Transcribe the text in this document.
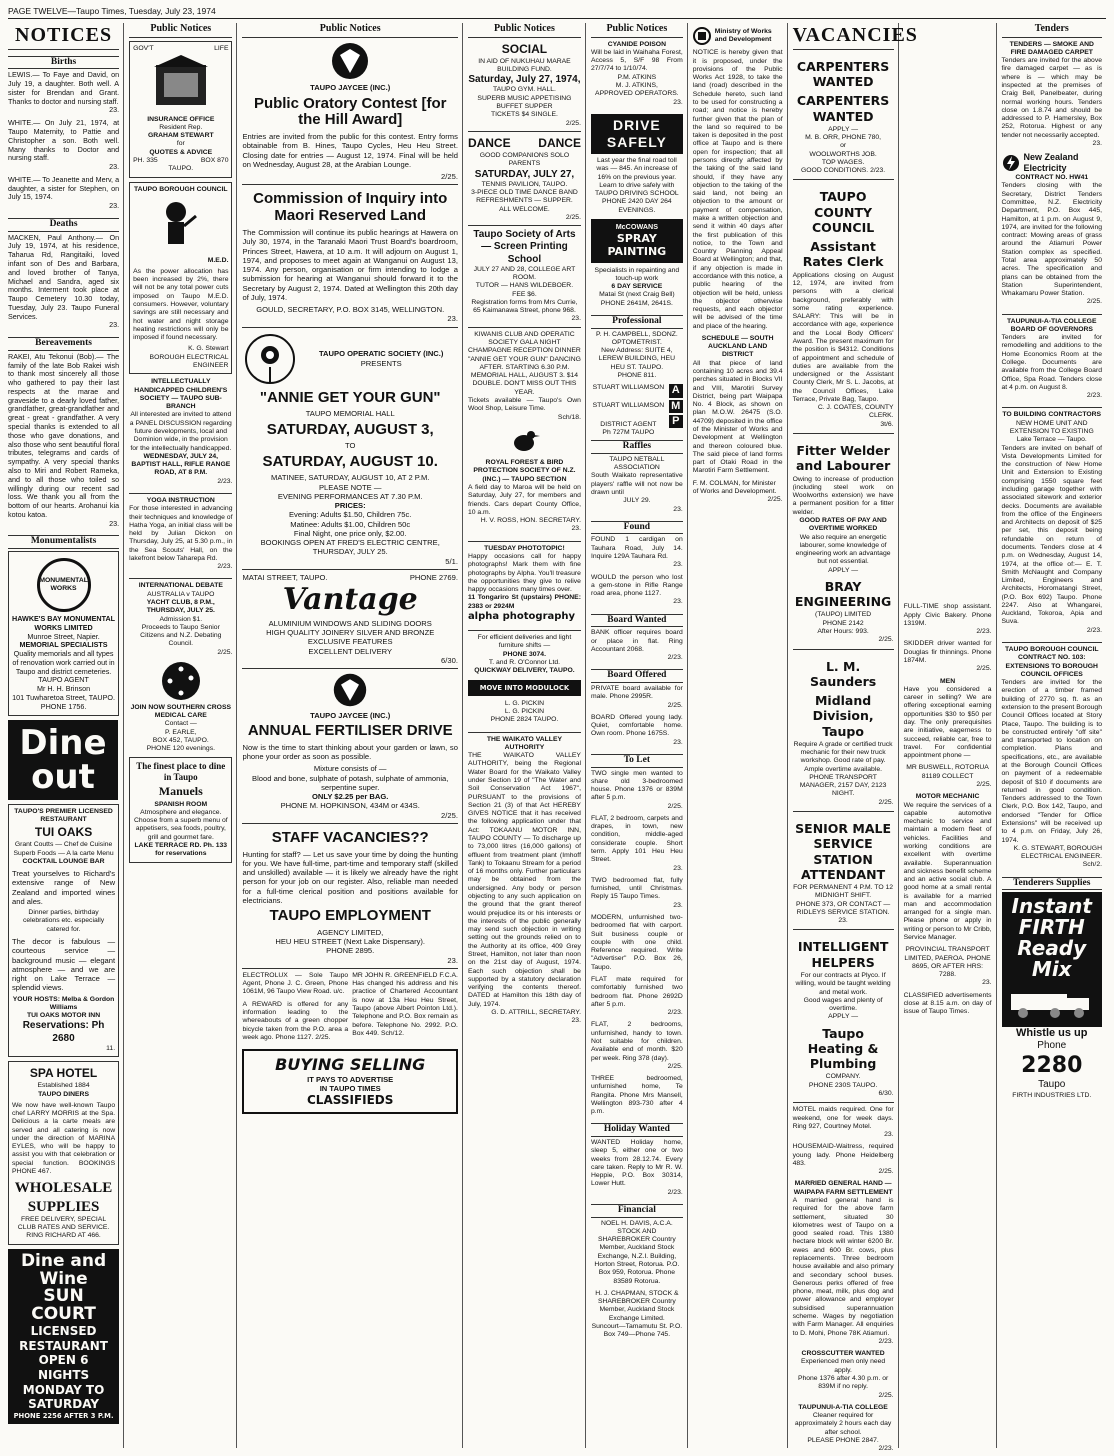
PAGE TWELVE—Taupo Times, Tuesday, July 23, 1974
NOTICES
Births
LEWIS.— To Faye and David, on July 19, a daughter. Both well. A sister for Brendan and Grant. Thanks to doctor and nursing staff.
23.
WHITE.— On July 21, 1974, at Taupo Maternity, to Pattie and Christopher a son. Both well. Many thanks to Doctor and nursing staff.
23.
WHITE.— To Jeanette and Merv, a daughter, a sister for Stephen, on July 15, 1974.
23.
Deaths
MACKEN, Paul Anthony.— On July 19, 1974, at his residence, Taharua Rd, Rangitaiki, loved infant son of Des and Barbara, and loved brother of Tanya, Michael and Sandra, aged six months. Interment took place at Taupo Cemetery 10.30 today, Tuesday, July 23. Taupo Funeral Services.
23.
Bereavements
RAKEI, Atu Tekonui (Bob).— The family of the late Bob Rakei wish to thank most sincerely all those who gathered to pay their last respects at the marae and graveside to a dearly loved father, grandfather, great-grandfather and great - great - grandfather. A very special thanks is extended to all those who gave donations, and also those who sent beautiful floral tributes, telegrams and cards of sympathy. A very special thanks also to Miri and Robert Rameka, and to all those who toiled so willingly during our recent sad loss. We thank you all from the bottom of our hearts. Arohanui kia kotou katoa.
23.
Monumentalists
MONUMENTAL WORKS
HAWKE'S BAY MONUMENTAL WORKS LIMITED
Munroe Street, Napier.
MEMORIAL SPECIALISTS
Quality memorials and all types of renovation work carried out in Taupo and district cemeteries.
TAUPO AGENT
Mr H. H. Brinson
101 Tuwharetoa Street, TAUPO. PHONE 1756.
Dine
out
TAUPO'S PREMIER LICENSED RESTAURANT
TUI OAKS
Grant Coutts — Chef de Cuisine
Superb Foods — A la carte Menu
COCKTAIL LOUNGE BAR
Treat yourselves to Richard's extensive range of New Zealand and imported wines and ales.
Dinner parties, birthday celebrations etc. especially catered for.
The decor is fabulous — courteous service — background music — elegant atmosphere — and we are right on Lake Terrace — splendid views.
YOUR HOSTS: Melba & Gordon Williams
TUI OAKS MOTOR INN
Reservations: Ph 2680
11.
SPA HOTEL
Established 1884
TAUPO DINERS
We now have well-known Taupo chef LARRY MORRIS at the Spa. Delicious a la carte meals are served and all catering is now under the direction of MARINA EYLES, who will be happy to assist you with that celebration or special function. BOOKINGS PHONE 467.
WHOLESALE SUPPLIES
FREE DELIVERY, SPECIAL CLUB RATES AND SERVICE. RING RICHARD AT 466.
Dine and Wine
SUN COURT
LICENSED RESTAURANT
OPEN 6 NIGHTS
MONDAY TO SATURDAY
PHONE 2256 AFTER 3 P.M.
Public Notices
GOV'T	LIFE
INSURANCE OFFICE
Resident Rep.
GRAHAM STEWART
for
QUOTES & ADVICE
PH. 335	BOX 870
TAUPO.
TAUPO BOROUGH COUNCIL
M.E.D.
As the power allocation has been increased by 2%, there will not be any total power cuts imposed on Taupo M.E.D. consumers. However, voluntary savings are still necessary and hot water and night storage heating restrictions will only be imposed if found necessary.
K. G. Stewart
BOROUGH ELECTRICAL ENGINEER
INTELLECTUALLY HANDICAPPED CHILDREN'S SOCIETY — TAUPO SUB-BRANCH
All interested are invited to attend a PANEL DISCUSSION regarding future developments, local and Dominion wide, in the provision for the intellectually handicapped.
WEDNESDAY, JULY 24, BAPTIST HALL, RIFLE RANGE ROAD, AT 8 P.M.
2/23.
YOGA INSTRUCTION
For those interested in advancing their techniques and knowledge of Hatha Yoga, an initial class will be held by Julian Dickon on Thursday, July 25, at 5.30 p.m., in the Sea Scouts' Hall, on the lakefront below Taharepa Rd.
2/23.
INTERNATIONAL DEBATE
AUSTRALIA v TAUPO
YACHT CLUB, 8 P.M., THURSDAY, JULY 25.
Admission $1.
Proceeds to Taupo Senior Citizens and N.Z. Debating Council.
2/25.
JOIN NOW SOUTHERN CROSS MEDICAL CARE
Contact —
P. EARLE,
BOX 452, TAUPO.
PHONE 120 evenings.
The finest place to dine in Taupo
Manuels
SPANISH ROOM
Atmosphere and elegance. Choose from a superb menu of appetisers, sea foods, poultry, grill and gourmet fare.
LAKE TERRACE RD. Ph. 133 for reservations
Public Notices
TAUPO JAYCEE (INC.)
Public Oratory Contest [for the Hill Award]
Entries are invited from the public for this contest. Entry forms obtainable from B. Hines, Taupo Cycles, Heu Heu Street. Closing date for entries — August 12, 1974. Final will be held on Wednesday, August 28, at the Arabian Lounge.
2/25.
Commission of Inquiry into Maori Reserved Land
The Commission will continue its public hearings at Hawera on July 30, 1974, in the Taranaki Maori Trust Board's boardroom, Princes Street, Hawera, at 10 a.m. It will adjourn on August 1, 1974, and proposes to meet again at Wanganui on August 13, 1974. Any person, organisation or firm intending to lodge a submission for hearing at Wanganui should forward it to the Secretary by August 2, 1974. Dated at Wellington this 20th day of July, 1974.
GOULD, SECRETARY, P.O. BOX 3145, WELLINGTON.
23.
TAUPO OPERATIC SOCIETY (INC.)
PRESENTS
"ANNIE GET YOUR GUN"
TAUPO MEMORIAL HALL
SATURDAY, AUGUST 3,
TO
SATURDAY, AUGUST 10.
MATINEE, SATURDAY, AUGUST 10, AT 2 P.M.
PLEASE NOTE —
EVENING PERFORMANCES AT 7.30 P.M.
PRICES:
Evening: Adults $1.50, Children 75c.
Matinee: Adults $1.00, Children 50c
Final Night, one price only, $2.00.
BOOKINGS OPEN AT FRED'S ELECTRIC CENTRE, THURSDAY, JULY 25.
5/1.
MATAI STREET, TAUPO.	PHONE 2769.
Vantage
ALUMINIUM WINDOWS AND SLIDING DOORS
HIGH QUALITY JOINERY SILVER AND BRONZE
EXCLUSIVE FEATURES
EXCELLENT DELIVERY
6/30.
TAUPO JAYCEE (INC.)
ANNUAL FERTILISER DRIVE
Now is the time to start thinking about your garden or lawn, so phone your order as soon as possible.
Mixture consists of —
Blood and bone, sulphate of potash, sulphate of ammonia, serpentine super.
ONLY $2.25 per BAG.
PHONE M. HOPKINSON, 434M or 434S.
2/25.
STAFF VACANCIES??
Hunting for staff? — Let us save your time by doing the hunting for you. We have full-time, part-time and temporary staff (skilled and unskilled) available — it is likely we already have the right person for your job on our register. Also, reliable man needed for a full-time clerical position and positions available for electricians.
TAUPO EMPLOYMENT
AGENCY LIMITED,
HEU HEU STREET (Next Lake Dispensary).
PHONE 2895.
23.
ELECTROLUX — Sole Taupo Agent, Phone J. C. Green, Phone 1061M, 96 Taupo View Road. u/c.
A REWARD is offered for any information leading to the whereabouts of a green chopper bicycle taken from the P.O. area a week ago. Phone 1127. 2/25.
MR JOHN R. GREENFIELD F.C.A. Has changed his address and his practice of Chartered Accountant is now at 13a Heu Heu Street, Taupo (above Albert Pointon Ltd.). Telephone and P.O. Box remain as before. Telephone No. 2992. P.O. Box 449. Sch/12.
BUYING SELLING
IT PAYS TO ADVERTISE
IN TAUPO TIMES
CLASSIFIEDS
Public Notices
SOCIAL
IN AID OF NUKUHAU MARAE BUILDING FUND.
Saturday, July 27, 1974,
TAUPO GYM. HALL.
SUPERB MUSIC APPETISING BUFFET SUPPER
TICKETS $4 SINGLE.
2/25.
DANCE DANCE
GOOD COMPANIONS SOLO PARENTS
SATURDAY, JULY 27,
TENNIS PAVILION, TAUPO.
3-PIECE OLD TIME DANCE BAND REFRESHMENTS — SUPPER.
ALL WELCOME.
2/25.
Taupo Society of Arts — Screen Printing School
JULY 27 AND 28, COLLEGE ART ROOM.
TUTOR — HANS WILDEBOER.
FEE $6.
Registration forms from Mrs Currie, 65 Kaimanawa Street, phone 968.
23.
KIWANIS CLUB AND OPERATIC SOCIETY GALA NIGHT CHAMPAGNE RECEPTION DINNER "ANNIE GET YOUR GUN" DANCING AFTER. STARTING 6.30 P.M. MEMORIAL HALL, AUGUST 3. $14 DOUBLE. DON'T MISS OUT THIS YEAR.
Tickets available — Taupo's Own Wool Shop, Leisure Time.
Sch/18.
ROYAL FOREST & BIRD PROTECTION SOCIETY OF N.Z. (INC.) — TAUPO SECTION
A field day to Maroa will be held on Saturday, July 27, for members and friends. Cars depart County Office, 10 a.m.
H. V. ROSS, HON. SECRETARY.
23.
TUESDAY PHOTOTOPIC!
Happy occasions call for happy photographs! Mark them with fine photographs by Alpha. You'll treasure the opportunities they give to relive happy occasions many times over.
11 Tongariro St (upstairs) PHONE: 2383 or 2924M
alpha photography
For efficient deliveries and light furniture shifts —
PHONE 3074.
T. and R. O'Connor Ltd.
QUICKWAY DELIVERY, TAUPO.
MOVE INTO MODULOCK
L. G. PICKIN
L. G. PICKIN
PHONE 2824 TAUPO.
THE WAIKATO VALLEY AUTHORITY
THE WAIKATO VALLEY AUTHORITY, being the Regional Water Board for the Waikato Valley under Section 19 of "The Water and Soil Conservation Act 1967", PURSUANT to the provisions of Section 21 (3) of that Act HEREBY GIVES NOTICE that it has received the following application under that Act: TOKAANU MOTOR INN, TAUPO COUNTY — To discharge up to 73,000 litres (16,000 gallons) of effluent from treatment plant (Imhoff Tank) to Tokaanu Stream for a period of 16 months only. Further particulars may be obtained from the undersigned. Any body or person objecting to any such application on the ground that the grant thereof would prejudice its or his interests or the interests of the public generally may send such objection in writing setting out the grounds relied on to the Authority at its office, 409 Grey Street, Hamilton, not later than noon on the 21st day of August, 1974. Each such objection shall be supported by a statutory declaration verifying the contents thereof. DATED at Hamilton this 18th day of July, 1974.
G. D. ATTRILL, SECRETARY.
23.
Public Notices
CYANIDE POISON
Will be laid in Waihaha Forest, Access 5, S/F 98 From 27/7/74 to 1/10/74.
P.M. ATKINS
M. J. ATKINS,
APPROVED OPERATORS.
23.
DRIVE SAFELY
Last year the final road toll was — 845. An increase of 16% on the previous year. Learn to drive safely with TAUPO DRIVING SCHOOL PHONE 2420 DAY 264 EVENINGS.
McCOWANS
SPRAY PAINTING
Specialists in repainting and touch-up work
6 DAY SERVICE
Matai St (next Craig Bell) PHONE 2641M, 2641S.
Professional
P. H. CAMPBELL, SDONZ. OPTOMETRIST.
New Address: SUITE 4, LEREW BUILDING, HEU HEU ST. TAUPO.
PHONE 811.
STUART WILLIAMSON
STUART WILLIAMSON
DISTRICT AGENT
Ph 727M TAUPO
A
M
P
Raffles
TAUPO NETBALL ASSOCIATION
South Waikato representative players' raffle will not now be drawn until
JULY 29.
23.
Found
FOUND 1 cardigan on Tauhara Road, July 14. Inquire 129A Tauhara Rd.
23.
WOULD the person who lost a gem-stone in Rifle Range road area, phone 1127.
23.
Board Wanted
BANK officer requires board or place in flat. Ring Accountant 2068.
2/23.
Board Offered
PRIVATE board available for male. Phone 2995R.
2/25.
BOARD Offered young lady. Quiet, comfortable home. Own room. Phone 1675S.
23.
To Let
TWO single men wanted to share old 3-bedroomed house. Phone 1376 or 839M after 5 p.m.
2/25.
FLAT, 2 bedroom, carpets and drapes, in town, new condition, middle-aged considerate couple. Short term. Apply 101 Heu Heu Street.
23.
TWO bedroomed flat, fully furnished, until Christmas. Reply 15 Taupo Times.
23.
MODERN, unfurnished two-bedroomed flat with carport. Suit business couple or couple with one child. Reference required. Write "Advertiser" P.O. Box 26, Taupo.
FLAT mate required for comfortably furnished two bedroom flat. Phone 2692D after 5 p.m.
2/23.
FLAT, 2 bedrooms, unfurnished, handy to town. Not suitable for children. Available end of month. $20 per week. Ring 378 (day).
2/25.
THREE bedroomed, unfurnished home, Te Rangita. Phone Mrs Mansell, Wellington 893-730 after 4 p.m.
Holiday Wanted
WANTED Holiday home, sleep 5, either one or two weeks from 28.12.74. Every care taken. Reply to Mr R. W. Heppie, P.O. Box 30314, Lower Hutt.
2/23.
Financial
NOEL H. DAVIS, A.C.A. STOCK AND SHAREBROKER Country Member, Auckland Stock Exchange, N.Z.I. Building, Horton Street, Rotorua. P.O. Box 959, Rotorua. Phone 83589 Rotorua.
H. J. CHAPMAN, STOCK & SHAREBROKER Country Member, Auckland Stock Exchange Limited.
Suncourt—Tamamutu St. P.O. Box 749—Phone 745.
Ministry of Works and Development
NOTICE is hereby given that it is proposed, under the provisions of the Public Works Act 1928, to take the land (road) described in the Schedule hereto, such land to be used for constructing a road; and notice is hereby further given that the plan of the land so required to be taken is deposited in the post office at Taupo and is there open for inspection; that all persons directly affected by the taking of the said land should, if they have any objection to the taking of the said land, not being an objection to the amount or payment of compensation, make a written objection and send it within 40 days after the first publication of this notice, to the Town and Country Planning Appeal Board at Wellington; and that, if any objection is made in accordance with this notice, a public hearing of the objection will be held, unless the objector otherwise requests, and each objector will be advised of the time and place of the hearing.
SCHEDULE — SOUTH AUCKLAND LAND DISTRICT
All that piece of land containing 10 acres and 39.4 perches situated in Blocks VII and VIII, Marotiri Survey District, being part Waipapa No. 4 Block, as shown on plan M.O.W. 26475 (S.O. 44709) deposited in the office of the Minister of Works and Development at Wellington and thereon coloured blue. The said piece of land forms part of Otaki Road in the Marotiri Farm Settlement.
F. M. COLMAN, for Minister of Works and Development.
2/25.
VACANCIES
CARPENTERS WANTED
CARPENTERS WANTED
APPLY —
M. B. ORR, PHONE 780,
or
WOOLWORTHS JOB.
TOP WAGES.
GOOD CONDITIONS. 2/23.
TAUPO COUNTY COUNCIL
Assistant Rates Clerk
Applications closing on August 12, 1974, are invited from persons with a clerical background, preferably with some rating experience. SALARY: This will be in accordance with age, experience and the Local Body Officers' Award. The present maximum for the position is $4312. Conditions of appointment and schedule of duties are available from the undersigned or the Assistant County Clerk, Mr S. L. Jacobs, at the Council Offices, Lake Terrace, Private Bag, Taupo.
C. J. COATES, COUNTY CLERK.
3t/6.
Fitter Welder and Labourer
Owing to increase of production (including steel work on Woolworths extension) we have a permanent position for a fitter welder.
GOOD RATES OF PAY AND OVERTIME WORKED
We also require an energetic labourer, some knowledge of engineering work an advantage but not essential.
APPLY —
BRAY ENGINEERING
(TAUPO) LIMITED
PHONE 2142
After Hours: 993.
2/25.
L. M. Saunders
Midland Division, Taupo
Require A grade or certified truck mechanic for their new truck workshop. Good rate of pay. Ample overtime available.
PHONE TRANSPORT MANAGER, 2157 DAY, 2123 NIGHT.
2/25.
SENIOR MALE SERVICE STATION ATTENDANT
FOR PERMANENT 4 P.M. TO 12 MIDNIGHT SHIFT.
PHONE 373, OR CONTACT —
RIDLEYS SERVICE STATION. 23.
INTELLIGENT HELPERS
For our contracts at Plyco. If willing, would be taught welding and metal work.
Good wages and plenty of overtime.
APPLY —
Taupo Heating & Plumbing
COMPANY.
PHONE 230S TAUPO.
6/30.
MOTEL maids required. One for weekend, one for week days. Ring 927, Courtney Motel.
23.
HOUSEMAID-Waitress, required young lady. Phone Heidelberg 483.
2/25.
MARRIED GENERAL HAND — WAIPAPA FARM SETTLEMENT
A married general hand is required for the above farm settlement, situated 30 kilometres west of Taupo on a good sealed road. This 1380 hectare block will winter 6200 Br. ewes and 600 Br. cows, plus replacements. Three bedroom house available and also primary and secondary school buses. Generous perks offered of free phone, meat, milk, plus dog and power allowance and employer subsidised superannuation scheme. Wages by negotiation with Farm Manager. All enquiries to D. Mohi, Phone 78K Atiamuri.
2/23.
CROSSCUTTER WANTED
Experienced men only need apply.
Phone 1376 after 4.30 p.m. or 839M if no reply.
2/25.
TAUPUNUI-A-TIA COLLEGE
Cleaner required for approximately 2 hours each day after school.
PLEASE PHONE 2847.
2/23.
FULL-TIME shop assistant. Apply Civic Bakery. Phone 1319M.
2/23.
SKIDDER driver wanted for Douglas fir thinnings. Phone 1874M.
2/25.
MEN
Have you considered a career in selling? We are offering exceptional earning opportunities $30 to $50 per day. The only prerequisites are initiative, eagerness to succeed, reliable car, free to travel. For confidential appointment phone —
MR BUSWELL, ROTORUA 81189 COLLECT
2/25.
MOTOR MECHANIC
We require the services of a capable automotive mechanic to service and maintain a modern fleet of vehicles. Facilities and working conditions are excellent with overtime available. Superannuation and sickness benefit scheme and an active social club. A good home at a small rental is available for a married man and accommodation arranged for a single man. Please phone or apply in writing or person to Mr Cribb, Service Manager.
PROVINCIAL TRANSPORT LIMITED, PAEROA. PHONE 8695, OR AFTER HRS: 7288.
23.
CLASSIFIED advertisements close at 8.15 a.m. on day of issue of Taupo Times.
Tenders
TENDERS — SMOKE AND FIRE DAMAGED CARPET
Tenders are invited for the above fire damaged carpet — as is where is — which may be inspected at the premises of Craig Bell, Panelbeater, during normal working hours. Tenders close on 1.8.74 and should be addressed to P. Hamersley, Box 252, Rotorua. Highest or any tender not necessarily accepted.
23.
New Zealand Electricity
CONTRACT NO. HW41
Tenders closing with the Secretary, District Tenders Committee, N.Z. Electricity Department, P.O. Box 445, Hamilton, at 1 p.m. on August 9, 1974, are invited for the following contract: Mowing areas of grass around the Atiamuri Power Station complex as specified. Total area approximately 50 acres. The specification and plans can be obtained from the Station Superintendent, Whakamaru Power Station.
2/25.
TAUPUNUI-A-TIA COLLEGE BOARD OF GOVERNORS
Tenders are invited for remodelling and additions to the Home Economics Room at the College. Documents are available from the College Board Office, Spa Road. Tenders close at 4 p.m. on August 8.
2/23.
TO BUILDING CONTRACTORS
NEW HOME UNIT AND EXTENSION TO EXISTING Lake Terrace — Taupo.
Tenders are invited on behalf of Vista Developments Limited for the construction of New Home Unit and Extension to Existing comprising 1550 square feet including garage together with associated sitework and exterior decks. Documents are available from the office of the Engineers and Architects on deposit of $25 per set, this deposit being refundable on return of documents. Tenders close at 4 p.m. on Wednesday, August 14, 1974, at the office of:— E. T. Smith McNaught and Company Limited, Engineers and Architects, Horomatangi Street, (P.O. Box 692) Taupo. Phone 2247. Also at Whangarei, Auckland, Tokoroa, Apia and Suva.
2/23.
TAUPO BOROUGH COUNCIL
CONTRACT NO. 103: EXTENSIONS TO BOROUGH COUNCIL OFFICES
Tenders are invited for the erection of a timber framed building of 2770 sq. ft. as an extension to the present Borough Council Offices located at Story Place, Taupo. The building is to be constructed entirely "off site" and transported to location on completion. Plans and specifications, etc., are available at the Borough Council Offices on payment of a redeemable deposit of $10 if documents are returned in good condition. Tenders addressed to the Town Clerk, P.O. Box 142, Taupo, and endorsed "Tender for Office Extensions" will be received up to 4 p.m. on Friday, July 26, 1974.
K. G. STEWART, BOROUGH ELECTRICAL ENGINEER.
Sch/2.
Tenderers Supplies
Instant
FIRTH
Ready Mix
Whistle us up
Phone
2280
Taupo
FIRTH INDUSTRIES LTD.
